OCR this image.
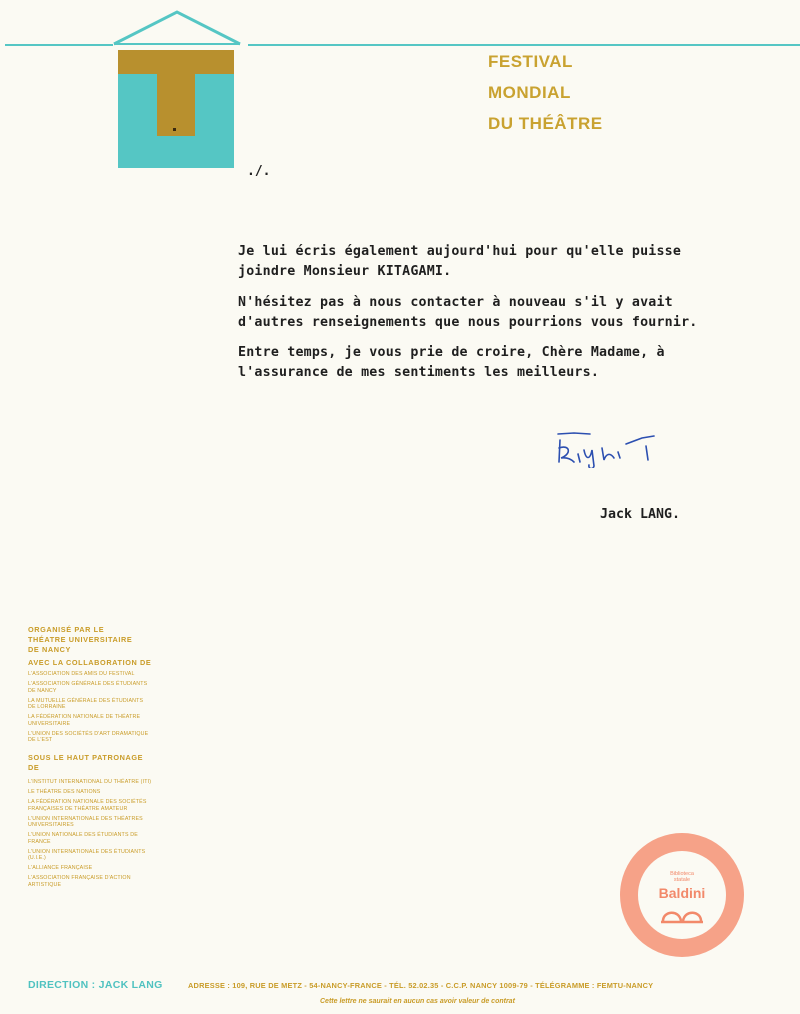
FESTIVAL
MONDIAL
DU THÉÂTRE
./.
Je lui écris également aujourd'hui pour qu'elle puisse
joindre Monsieur KITAGAMI.
N'hésitez pas à nous contacter à nouveau s'il y avait
d'autres renseignements que nous pourrions vous fournir.
Entre temps, je vous prie de croire, Chère Madame, à
l'assurance de mes sentiments les meilleurs.
Jack LANG.
ORGANISÉ PAR LE
THÉATRE UNIVERSITAIRE
DE NANCY
AVEC LA COLLABORATION DE
L'ASSOCIATION DES AMIS DU FESTIVAL
L'ASSOCIATION GÉNÉRALE DES ÉTUDIANTS
DE NANCY
LA MUTUELLE GÉNÉRALE DES ÉTUDIANTS
DE LORRAINE
LA FÉDÉRATION NATIONALE DE THÉATRE
UNIVERSITAIRE
L'UNION DES SOCIÉTÉS D'ART DRAMATIQUE
DE L'EST
SOUS LE HAUT PATRONAGE
DE
L'INSTITUT INTERNATIONAL DU THÉATRE (ITI)
LE THÉATRE DES NATIONS
LA FÉDÉRATION NATIONALE DES SOCIÉTÉS
FRANÇAISES DE THÉATRE AMATEUR
L'UNION INTERNATIONALE DES THÉATRES
UNIVERSITAIRES
L'UNION NATIONALE DES ÉTUDIANTS DE
FRANCE
L'UNION INTERNATIONALE DES ÉTUDIANTS
(U.I.E.)
L'ALLIANCE FRANÇAISE
L'ASSOCIATION FRANÇAISE D'ACTION
ARTISTIQUE
Biblioteca
statale
Baldini
DIRECTION : JACK LANG	ADRESSE : 109, RUE DE METZ - 54-NANCY-FRANCE - TÉL. 52.02.35 - C.C.P. NANCY 1009-79 - TÉLÉGRAMME : FEMTU-NANCY
Cette lettre ne saurait en aucun cas avoir valeur de contrat
